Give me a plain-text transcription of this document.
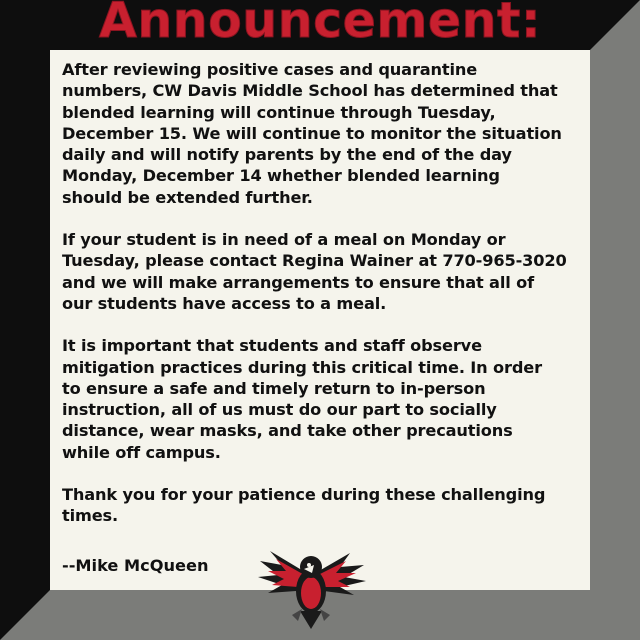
Announcement:

After reviewing positive cases and quarantine
numbers, CW Davis Middle School has determined that
blended learning will continue through Tuesday,
December 15. We will continue to monitor the situation
daily and will notify parents by the end of the day
Monday, December 14 whether blended learning
should be extended further.

If your student is in need of a meal on Monday or
Tuesday, please contact Regina Wainer at 770-965-3020
and we will make arrangements to ensure that all of
our students have access to a meal.

It is important that students and staff observe
mitigation practices during this critical time. In order
to ensure a safe and timely return to in-person
instruction, all of us must do our part to socially
distance, wear masks, and take other precautions
while off campus.

Thank you for your patience during these challenging
times.

--Mike McQueen
